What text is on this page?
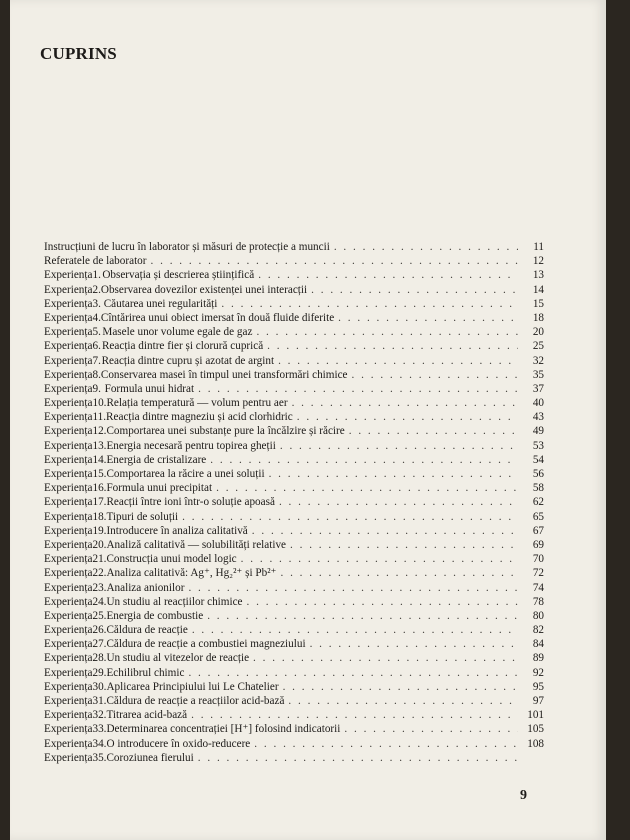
CUPRINS
Instrucțiuni de lucru în laborator și măsuri de protecție a muncii . . .	11
Referatele de laborator . . .	12
Experiența 1. Observația și descrierea științifică . . .	13
Experiența 2. Observarea dovezilor existenței unei interacții . . .	14
Experiența 3. Căutarea unei regularități . . .	15
Experiența 4. Cîntărirea unui obiect imersat în două fluide diferite . . .	18
Experiența 5. Masele unor volume egale de gaz . . .	20
Experiența 6. Reacția dintre fier și clorură cuprică . . .	25
Experiența 7. Reacția dintre cupru și azotat de argint . . .	32
Experiența 8. Conservarea masei în timpul unei transformări chimice . . .	35
Experiența 9. Formula unui hidrat . . .	37
Experiența 10. Relația temperatură — volum pentru aer . . .	40
Experiența 11. Reacția dintre magneziu și acid clorhidric . . .	43
Experiența 12. Comportarea unei substanțe pure la încălzire și răcire . . .	49
Experiența 13. Energia necesară pentru topirea gheții . . .	53
Experiența 14. Energia de cristalizare . . .	54
Experiența 15. Comportarea la răcire a unei soluții . . .	56
Experiența 16. Formula unui precipitat . . .	58
Experiența 17. Reacții între ioni într-o soluție apoasă . . .	62
Experiența 18. Tipuri de soluții . . .	65
Experiența 19. Introducere în analiza calitativă . . .	67
Experiența 20. Analiză calitativă — solubilități relative . . .	69
Experiența 21. Construcția unui model logic . . .	70
Experiența 22. Analiza calitativă: Ag⁺, Hg₂²⁺ și Pb²⁺ . . .	72
Experiența 23. Analiza anionilor . . .	74
Experiența 24. Un studiu al reacțiilor chimice . . .	78
Experiența 25. Energia de combustie . . .	80
Experiența 26. Căldura de reacție . . .	82
Experiența 27. Căldura de reacție a combustiei magneziului . . .	84
Experiența 28. Un studiu al vitezelor de reacție . . .	89
Experiența 29. Echilibrul chimic . . .	92
Experiența 30. Aplicarea Principiului lui Le Chatelier . . .	95
Experiența 31. Căldura de reacție a reacțiilor acid-bază . . .	97
Experiența 32. Titrarea acid-bază . . .	101
Experiența 33. Determinarea concentrației [H⁺] folosind indicatorii . . .	105
Experiența 34. O introducere în oxido-reducere . . .	108
Experiența 35. Coroziunea fierului
. . .
9
